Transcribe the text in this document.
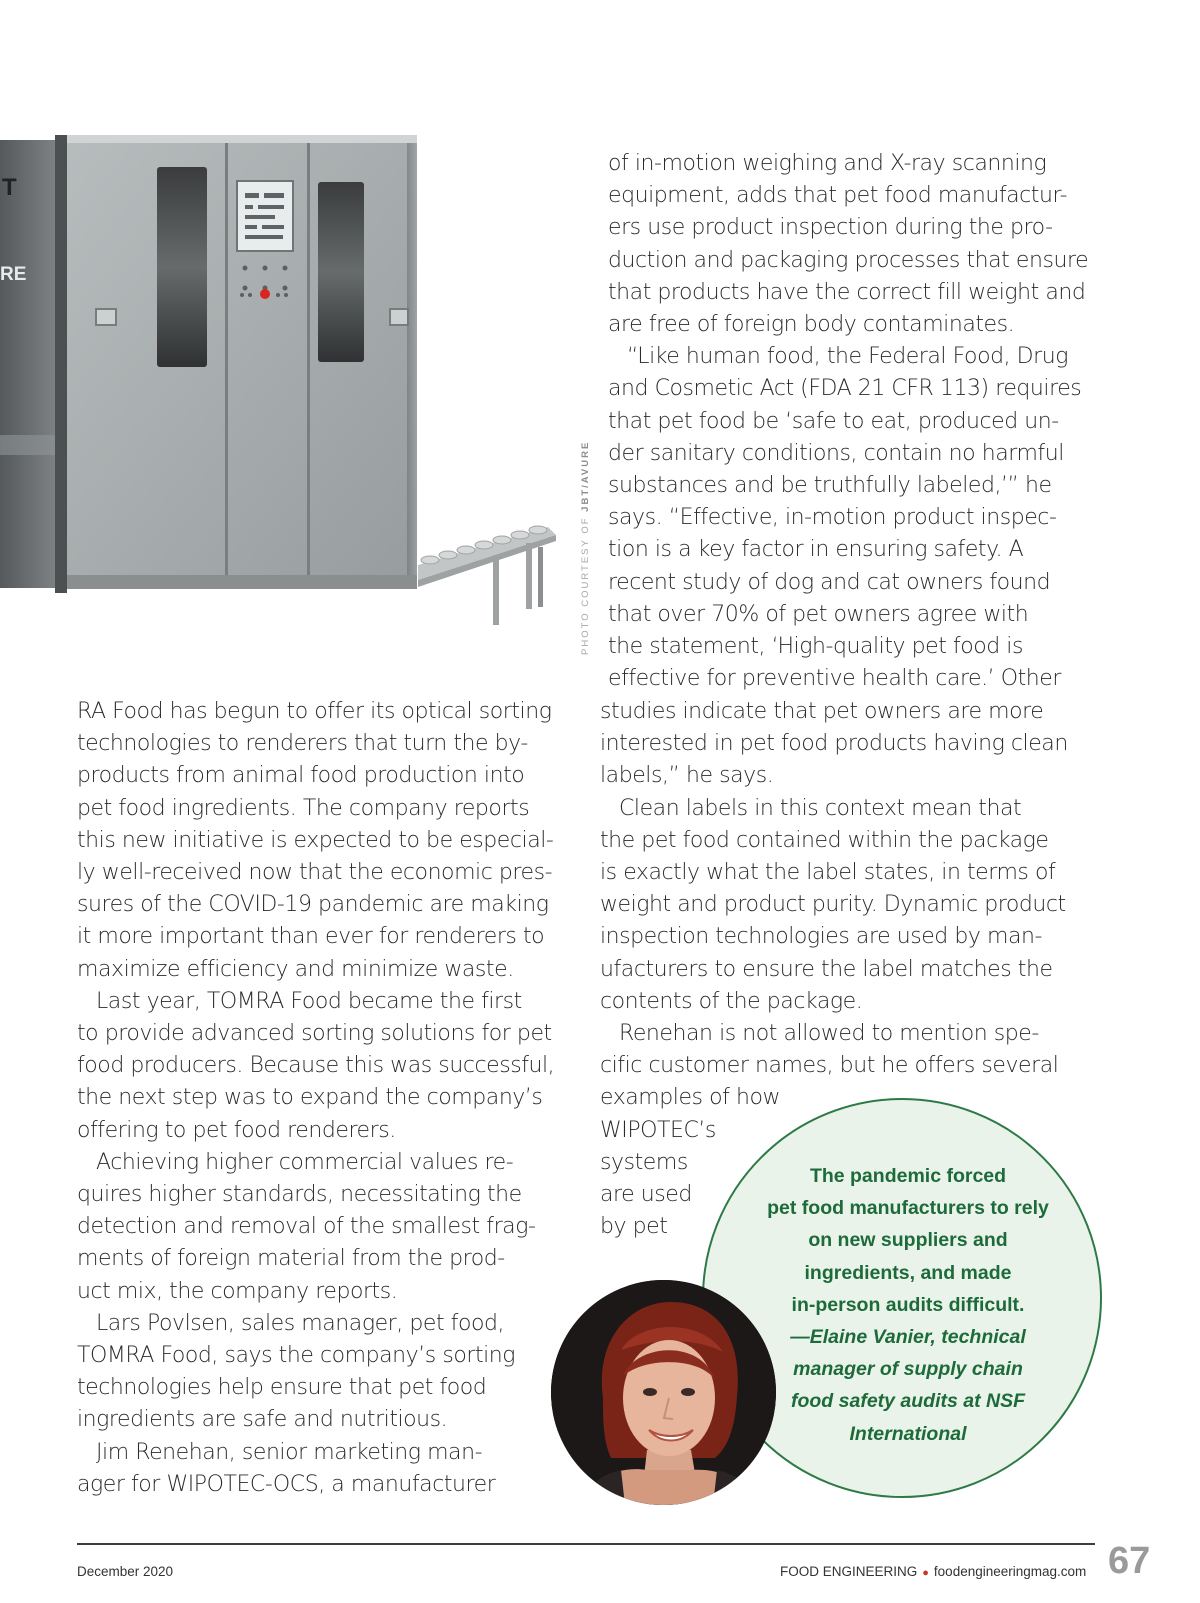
T
RE
PHOTO COURTESY OF JBT/AVURE
RA Food has begun to offer its optical sorting
technologies to renderers that turn the by-
products from animal food production into
pet food ingredients. The company reports
this new initiative is expected to be especial-
ly well-received now that the economic pres-
sures of the COVID-19 pandemic are making
it more important than ever for renderers to
maximize efficiency and minimize waste.
Last year, TOMRA Food became the first
to provide advanced sorting solutions for pet
food producers. Because this was successful,
the next step was to expand the company’s
offering to pet food renderers.
Achieving higher commercial values re-
quires higher standards, necessitating the
detection and removal of the smallest frag-
ments of foreign material from the prod-
uct mix, the company reports.
Lars Povlsen, sales manager, pet food,
TOMRA Food, says the company’s sorting
technologies help ensure that pet food
ingredients are safe and nutritious.
Jim Renehan, senior marketing man-
ager for WIPOTEC-OCS, a manufacturer
of in-motion weighing and X-ray scanning
equipment, adds that pet food manufactur-
ers use product inspection during the pro-
duction and packaging processes that ensure
that products have the correct fill weight and
are free of foreign body contaminates.
“Like human food, the Federal Food, Drug
and Cosmetic Act (FDA 21 CFR 113) requires
that pet food be ‘safe to eat, produced un-
der sanitary conditions, contain no harmful
substances and be truthfully labeled,’” he
says. “Effective, in-motion product inspec-
tion is a key factor in ensuring safety. A
recent study of dog and cat owners found
that over 70% of pet owners agree with
the statement, ‘High-quality pet food is
effective for preventive health care.’ Other
studies indicate that pet owners are more
interested in pet food products having clean
labels,” he says.
Clean labels in this context mean that
the pet food contained within the package
is exactly what the label states, in terms of
weight and product purity. Dynamic product
inspection technologies are used by man-
ufacturers to ensure the label matches the
contents of the package.
Renehan is not allowed to mention spe-
cific customer names, but he offers several
examples of how
WIPOTEC’s
systems
are used
by pet
The pandemic forced
pet food manufacturers to rely
on new suppliers and
ingredients, and made
in-person audits difficult.
—Elaine Vanier, technical
manager of supply chain
food safety audits at NSF
International
December 2020	FOOD ENGINEERING ● foodengineeringmag.com 67
